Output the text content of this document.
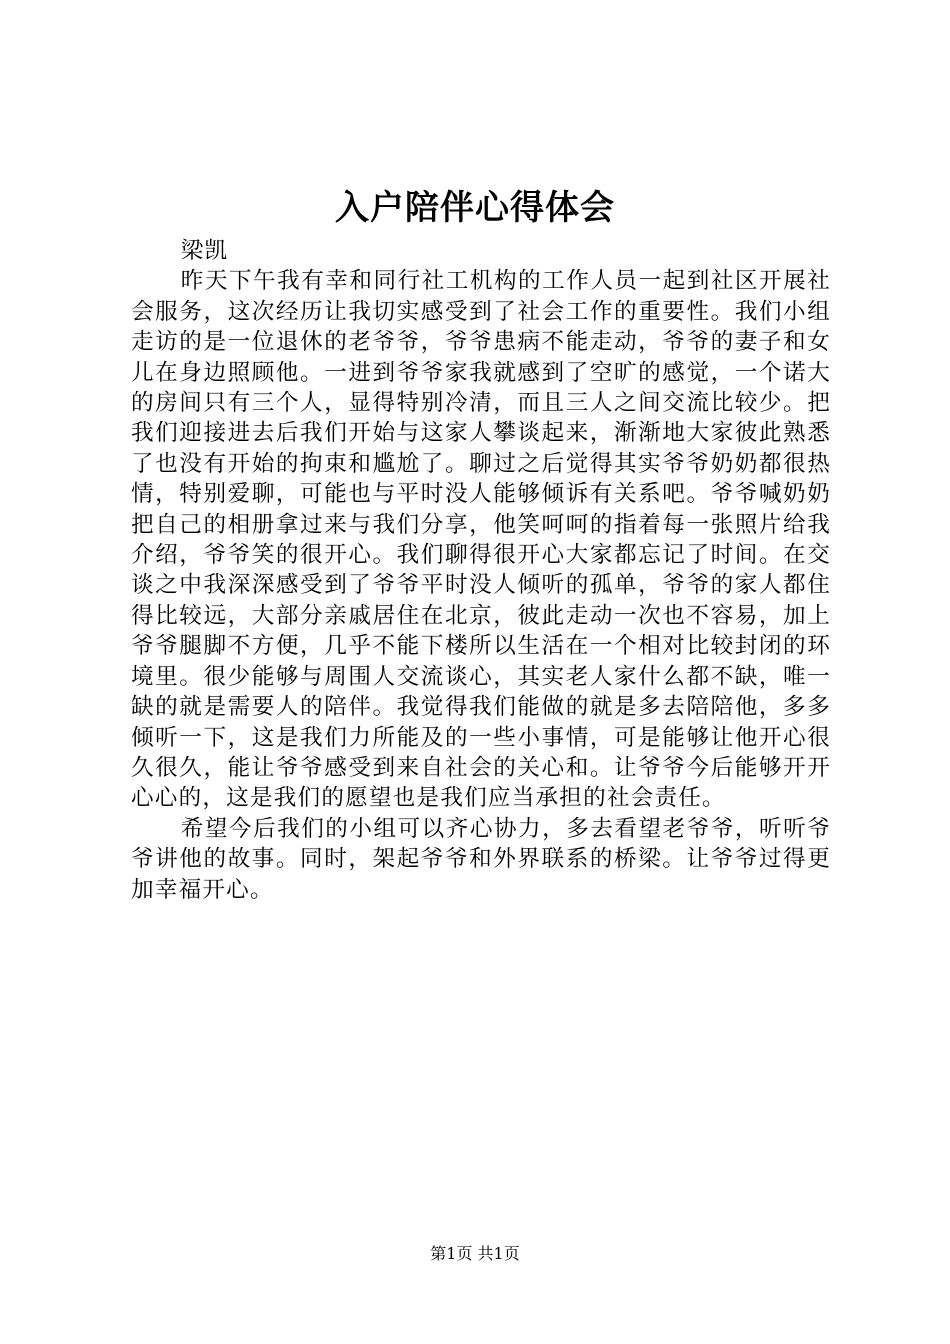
入户陪伴心得体会

梁凯

昨天下午我有幸和同行社工机构的工作人员一起到社区开展社会服务，这次经历让我切实感受到了社会工作的重要性。我们小组走访的是一位退休的老爷爷，爷爷患病不能走动，爷爷的妻子和女儿在身边照顾他。一进到爷爷家我就感到了空旷的感觉，一个诺大的房间只有三个人，显得特别冷清，而且三人之间交流比较少。把我们迎接进去后我们开始与这家人攀谈起来，渐渐地大家彼此熟悉了也没有开始的拘束和尴尬了。聊过之后觉得其实爷爷奶奶都很热情，特别爱聊，可能也与平时没人能够倾诉有关系吧。爷爷喊奶奶把自己的相册拿过来与我们分享，他笑呵呵的指着每一张照片给我介绍，爷爷笑的很开心。我们聊得很开心大家都忘记了时间。在交谈之中我深深感受到了爷爷平时没人倾听的孤单，爷爷的家人都住得比较远，大部分亲戚居住在北京，彼此走动一次也不容易，加上爷爷腿脚不方便，几乎不能下楼所以生活在一个相对比较封闭的环境里。很少能够与周围人交流谈心，其实老人家什么都不缺，唯一缺的就是需要人的陪伴。我觉得我们能做的就是多去陪陪他，多多倾听一下，这是我们力所能及的一些小事情，可是能够让他开心很久很久，能让爷爷感受到来自社会的关心和。让爷爷今后能够开开心心的，这是我们的愿望也是我们应当承担的社会责任。

希望今后我们的小组可以齐心协力，多去看望老爷爷，听听爷爷讲他的故事。同时，架起爷爷和外界联系的桥梁。让爷爷过得更加幸福开心。

第1页 共1页
